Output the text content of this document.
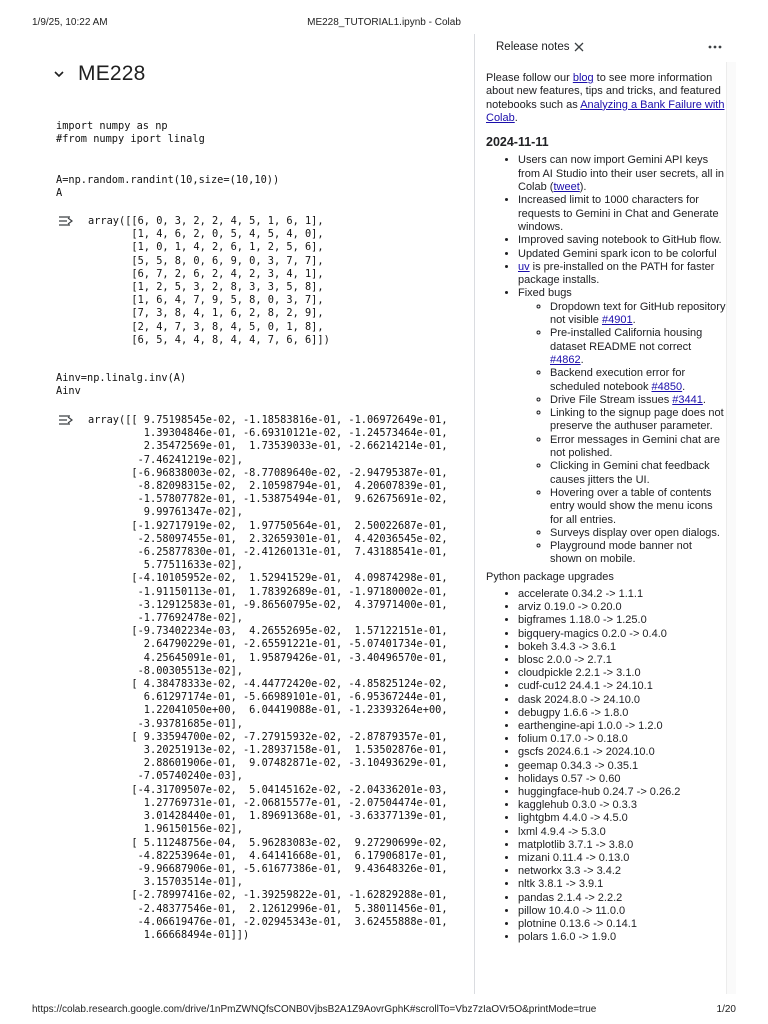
1/9/25, 10:22 AM	ME228_TUTORIAL1.ipynb - Colab
ME228
import numpy as np
#from numpy iport linalg
A=np.random.randint(10,size=(10,10))
A
array([[6, 0, 3, 2, 2, 4, 5, 1, 6, 1],
[1, 4, 6, 2, 0, 5, 4, 5, 4, 0],
[1, 0, 1, 4, 2, 6, 1, 2, 5, 6],
[5, 5, 8, 0, 6, 9, 0, 3, 7, 7],
[6, 7, 2, 6, 2, 4, 2, 3, 4, 1],
[1, 2, 5, 3, 2, 8, 3, 3, 5, 8],
[1, 6, 4, 7, 9, 5, 8, 0, 3, 7],
[7, 3, 8, 4, 1, 6, 2, 8, 2, 9],
[2, 4, 7, 3, 8, 4, 5, 0, 1, 8],
[6, 5, 4, 4, 8, 4, 4, 7, 6, 6]])
Ainv=np.linalg.inv(A)
Ainv
array([[ 9.75198545e-02, -1.18583816e-01, -1.06972649e-01,
1.39304846e-01, -6.69310121e-02, -1.24573464e-01,
2.35472569e-01,  1.73539033e-01, -2.66214214e-01,
-7.46241219e-02],
[-6.96838003e-02, -8.77089640e-02, -2.94795387e-01,
-8.82098315e-02,  2.10598794e-01,  4.20607839e-01,
-1.57807782e-01, -1.53875494e-01,  9.62675691e-02,
9.99761347e-02],
[-1.92717919e-02,  1.97750564e-01,  2.50022687e-01,
-2.58097455e-01,  2.32659301e-01,  4.42036545e-02,
-6.25877830e-01, -2.41260131e-01,  7.43188541e-01,
5.77511633e-02],
[-4.10105952e-02,  1.52941529e-01,  4.09874298e-01,
-1.91150113e-01,  1.78392689e-01, -1.97180002e-01,
-3.12912583e-01, -9.86560795e-02,  4.37971400e-01,
-1.77692478e-02],
[-9.73402234e-03,  4.26552695e-02,  1.57122151e-01,
2.64790229e-01, -2.65591221e-01, -5.07401734e-01,
4.25645091e-01,  1.95879426e-01, -3.40496570e-01,
-8.00305513e-02],
[ 4.38478333e-02, -4.44772420e-02, -4.85825124e-02,
6.61297174e-01, -5.66989101e-01, -6.95367244e-01,
1.22041050e+00,  6.04419088e-01, -1.23393264e+00,
-3.93781685e-01],
[ 9.33594700e-02, -7.27915932e-02, -2.87879357e-01,
3.20251913e-02, -1.28937158e-01,  1.53502876e-01,
2.88601906e-01,  9.07482871e-02, -3.10493629e-01,
-7.05740240e-03],
[-4.31709507e-02,  5.04145162e-02, -2.04336201e-03,
1.27769731e-01, -2.06815577e-01, -2.07504474e-01,
3.01428440e-01,  1.89691368e-01, -3.63377139e-01,
1.96150156e-02],
[ 5.11248756e-04,  5.96283083e-02,  9.27290699e-02,
-4.82253964e-01,  4.64141668e-01,  6.17906817e-01,
-9.96687906e-01, -5.61677386e-01,  9.43648326e-01,
3.15703514e-01],
[-2.78997416e-02, -1.39259822e-01, -1.62829288e-01,
-2.48377546e-01,  2.12612996e-01,  5.38011456e-01,
-4.06619476e-01, -2.02945343e-01,  3.62455888e-01,
1.66668494e-01]])
Release notes

Please follow our blog to see more information about new features, tips and tricks, and featured notebooks such as Analyzing a Bank Failure with Colab.

2024-11-11
• Users can now import Gemini API keys from AI Studio into their user secrets, all in Colab (tweet).
• Increased limit to 1000 characters for requests to Gemini in Chat and Generate windows.
• Improved saving notebook to GitHub flow.
• Updated Gemini spark icon to be colorful
• uv is pre-installed on the PATH for faster package installs.
• Fixed bugs
◦ Dropdown text for GitHub repository not visible #4901.
◦ Pre-installed California housing dataset README not correct #4862.
◦ Backend execution error for scheduled notebook #4850.
◦ Drive File Stream issues #3441.
◦ Linking to the signup page does not preserve the authuser parameter.
◦ Error messages in Gemini chat are not polished.
◦ Clicking in Gemini chat feedback causes jitters the UI.
◦ Hovering over a table of contents entry would show the menu icons for all entries.
◦ Surveys display over open dialogs.
◦ Playground mode banner not shown on mobile.
Python package upgrades
• accelerate 0.34.2 -> 1.1.1
• arviz 0.19.0 -> 0.20.0
• bigframes 1.18.0 -> 1.25.0
• bigquery-magics 0.2.0 -> 0.4.0
• bokeh 3.4.3 -> 3.6.1
• blosc 2.0.0 -> 2.7.1
• cloudpickle 2.2.1 -> 3.1.0
• cudf-cu12 24.4.1 -> 24.10.1
• dask 2024.8.0 -> 24.10.0
• debugpy 1.6.6 -> 1.8.0
• earthengine-api 1.0.0 -> 1.2.0
• folium 0.17.0 -> 0.18.0
• gscfs 2024.6.1 -> 2024.10.0
• geemap 0.34.3 -> 0.35.1
• holidays 0.57 -> 0.60
• huggingface-hub 0.24.7 -> 0.26.2
• kagglehub 0.3.0 -> 0.3.3
• lightgbm 4.4.0 -> 4.5.0
• lxml 4.9.4 -> 5.3.0
• matplotlib 3.7.1 -> 3.8.0
• mizani 0.11.4 -> 0.13.0
• networkx 3.3 -> 3.4.2
• nltk 3.8.1 -> 3.9.1
• pandas 2.1.4 -> 2.2.2
• pillow 10.4.0 -> 11.0.0
• plotnine 0.13.6 -> 0.14.1
• polars 1.6.0 -> 1.9.0
https://colab.research.google.com/drive/1nPmZWNQfsCONB0VjbsB2A1Z9AovrGphK#scrollTo=Vbz7zIaOVr5O&printMode=true	1/20
